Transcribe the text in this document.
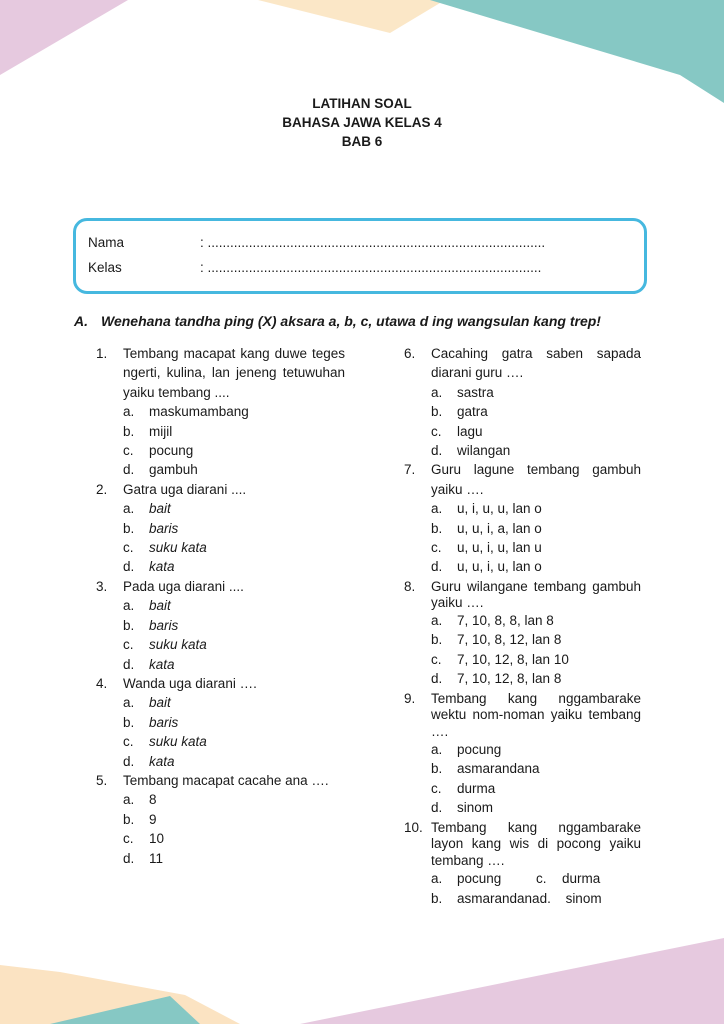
LATIHAN SOAL
BAHASA JAWA KELAS 4
BAB 6
Nama	: ..........................................................................................
Kelas	: .........................................................................................
A. Wenehana tandha ping (X) aksara a, b, c, utawa d ing wangsulan kang trep!
1.	Tembang macapat kang duwe teges ngerti, kulina, lan jeneng tetuwuhan yaiku tembang ....
a.	maskumambang
b.	mijil
c.	pocung
d.	gambuh
2.	Gatra uga diarani ....
a.	bait
b.	baris
c.	suku kata
d.	kata
3.	Pada uga diarani ....
a.	bait
b.	baris
c.	suku kata
d.	kata
4.	Wanda uga diarani ….
a.	bait
b.	baris
c.	suku kata
d.	kata
5.	Tembang macapat cacahe ana ….
a.	8
b.	9
c.	10
d.	11
6.	Cacahing gatra saben sapada diarani guru ….
a.	sastra
b.	gatra
c.	lagu
d.	wilangan
7.	Guru lagune tembang gambuh yaiku ….
a.	u, i, u, u, lan o
b.	u, u, i, a, lan o
c.	u, u, i, u, lan u
d.	u, u, i, u, lan o
8.	Guru wilangane tembang gambuh yaiku ….
a.	7, 10, 8, 8, lan 8
b.	7, 10, 8, 12, lan 8
c.	7, 10, 12, 8, lan 10
d.	7, 10, 12, 8, lan 8
9.	Tembang kang nggambarake wektu nom-noman yaiku tembang ….
a.	pocung
b.	asmarandana
c.	durma
d.	sinom
10. Tembang kang nggambarake layon kang wis di pocong yaiku tembang ….
a.	pocung	c.	durma
b.	asmarandana d.	sinom
